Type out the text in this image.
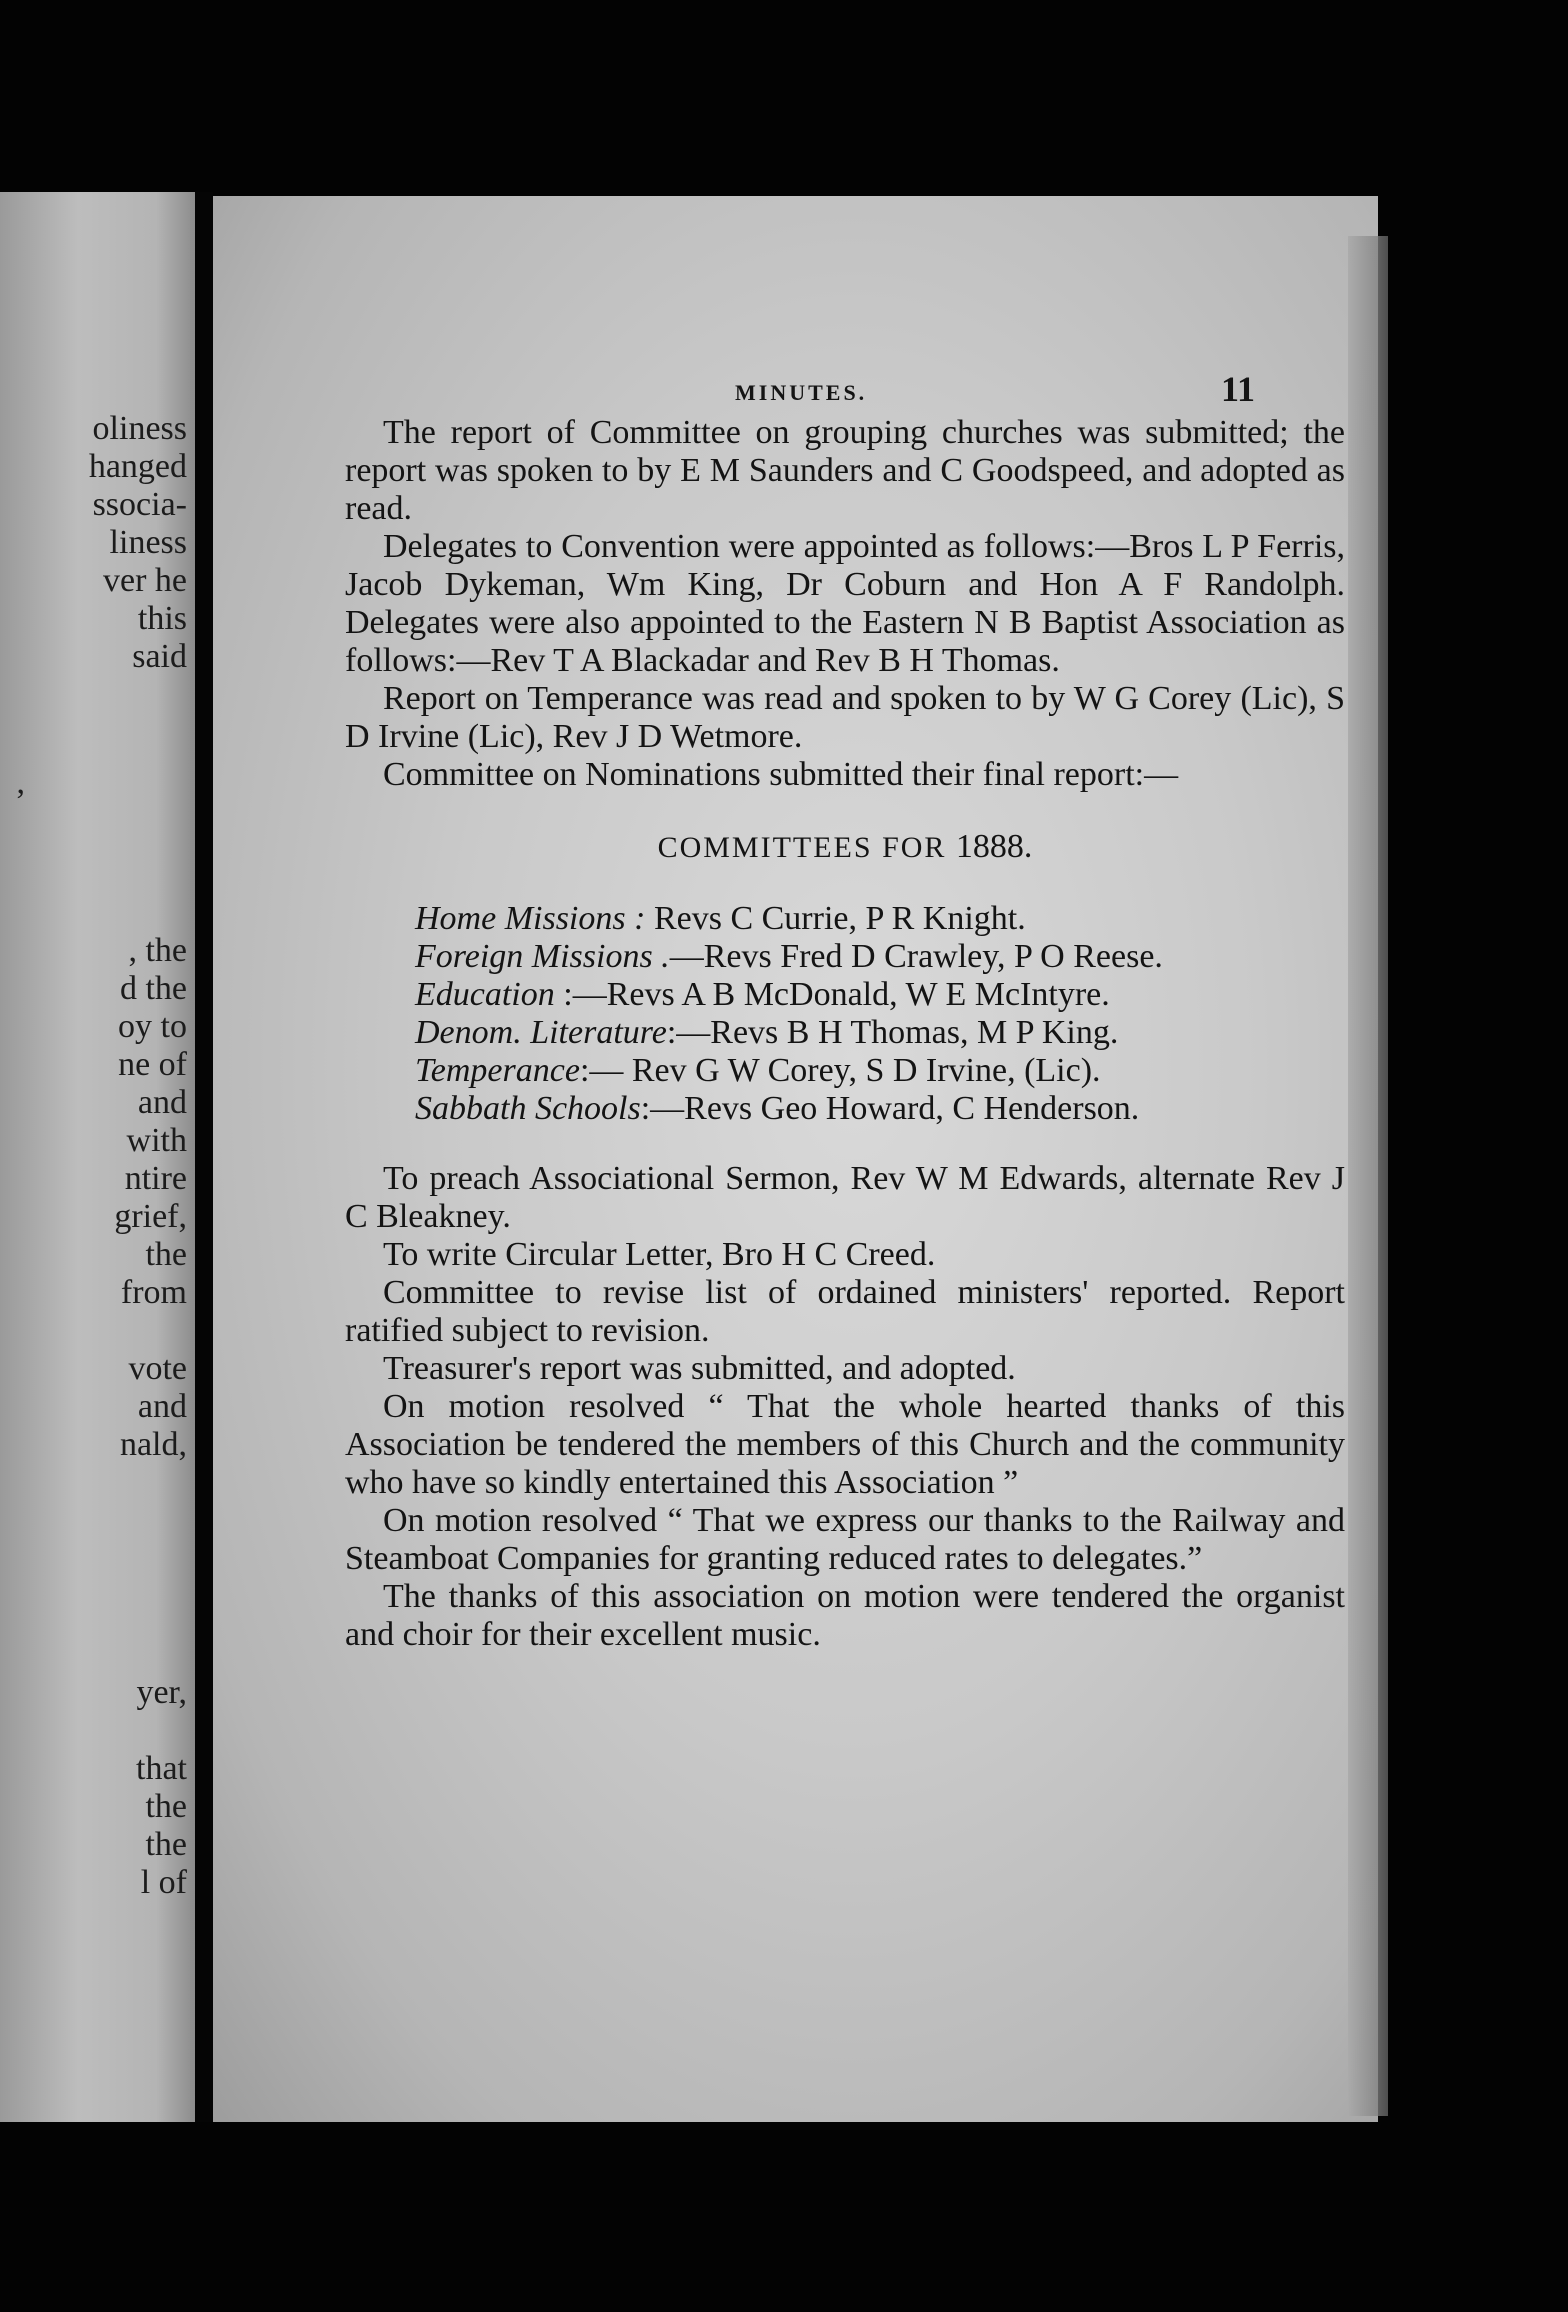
oliness
hanged
ssocia-
liness
ver he
this
said
,
, the
d the
oy to
ne of
and
with
ntire
grief,
the
from
vote
and
nald,
yer,
that
the
the
l of
MINUTES.	11

The report of Committee on grouping churches was submitted; the report was spoken to by E M Saunders and C Goodspeed, and adopted as read.

Delegates to Convention were appointed as follows:—Bros L P Ferris, Jacob Dykeman, Wm King, Dr Coburn and Hon A F Randolph. Delegates were also appointed to the Eastern N B Baptist Association as follows:—Rev T A Blackadar and Rev B H Thomas.

Report on Temperance was read and spoken to by W G Corey (Lic), S D Irvine (Lic), Rev J D Wetmore.

Committee on Nominations submitted their final report:—

COMMITTEES FOR 1888.
Home Missions : Revs C Currie, P R Knight.
Foreign Missions .—Revs Fred D Crawley, P O Reese.
Education :—Revs A B McDonald, W E McIntyre.
Denom. Literature:—Revs B H Thomas, M P King.
Temperance:— Rev G W Corey, S D Irvine, (Lic).
Sabbath Schools:—Revs Geo Howard, C Henderson.

To preach Associational Sermon, Rev W M Edwards, alternate Rev J C Bleakney.

To write Circular Letter, Bro H C Creed.

Committee to revise list of ordained ministers' reported. Report ratified subject to revision.

Treasurer's report was submitted, and adopted.

On motion resolved “ That the whole hearted thanks of this Association be tendered the members of this Church and the community who have so kindly entertained this Association ”

On motion resolved “ That we express our thanks to the Railway and Steamboat Companies for granting reduced rates to delegates.”

The thanks of this association on motion were tendered the organist and choir for their excellent music.
